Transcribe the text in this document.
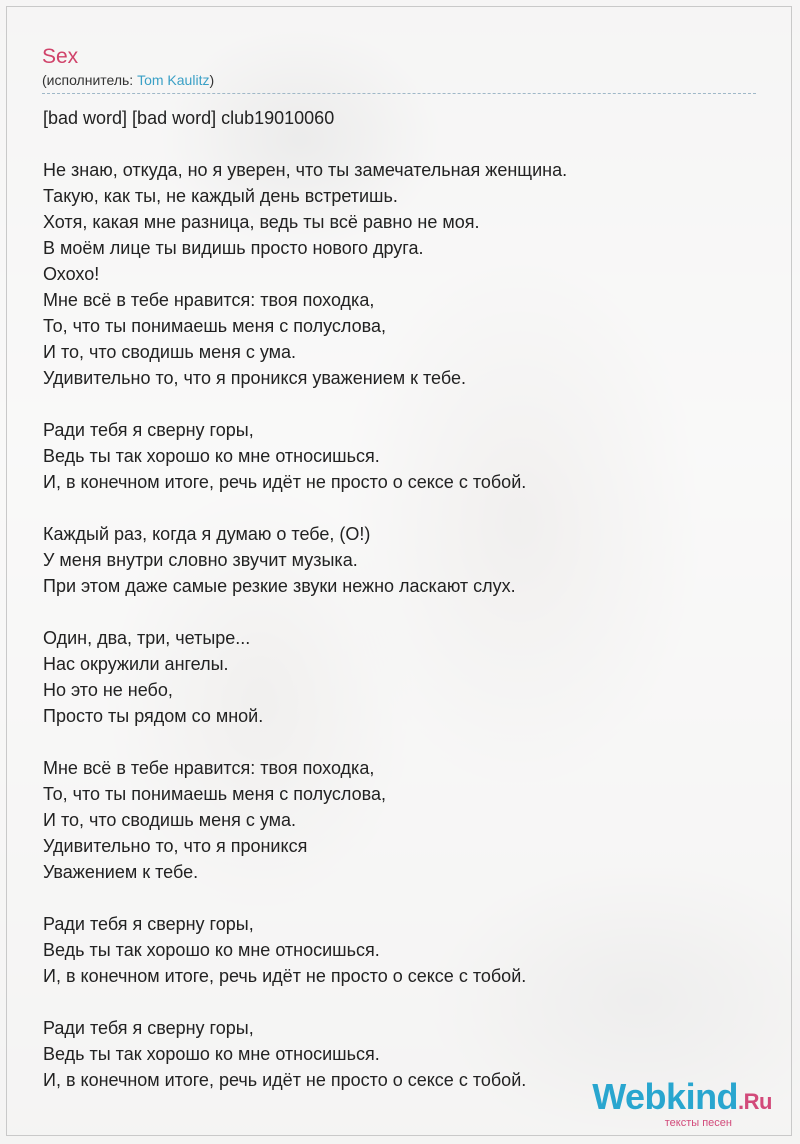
Sex
(исполнитель: Tom Kaulitz)
[bad word] [bad word] club19010060
Не знаю, откуда, но я уверен, что ты замечательная женщина.
Такую, как ты, не каждый день встретишь.
Хотя, какая мне разница, ведь ты всё равно не моя.
В моём лице ты видишь просто нового друга.
Охохо!
Мне всё в тебе нравится: твоя походка,
То, что ты понимаешь меня с полуслова,
И то, что сводишь меня с ума.
Удивительно то, что я проникся уважением к тебе.
Ради тебя я сверну горы,
Ведь ты так хорошо ко мне относишься.
И, в конечном итоге, речь идёт не просто о сексе с тобой.
Каждый раз, когда я думаю о тебе, (О!)
У меня внутри словно звучит музыка.
При этом даже самые резкие звуки нежно ласкают слух.
Один, два, три, четыре...
Нас окружили ангелы.
Но это не небо,
Просто ты рядом со мной.
Мне всё в тебе нравится: твоя походка,
То, что ты понимаешь меня с полуслова,
И то, что сводишь меня с ума.
Удивительно то, что я проникся
Уважением к тебе.
Ради тебя я сверну горы,
Ведь ты так хорошо ко мне относишься.
И, в конечном итоге, речь идёт не просто о сексе с тобой.
Ради тебя я сверну горы,
Ведь ты так хорошо ко мне относишься.
И, в конечном итоге, речь идёт не просто о сексе с тобой.	Webkind.Ru
тексты песен
